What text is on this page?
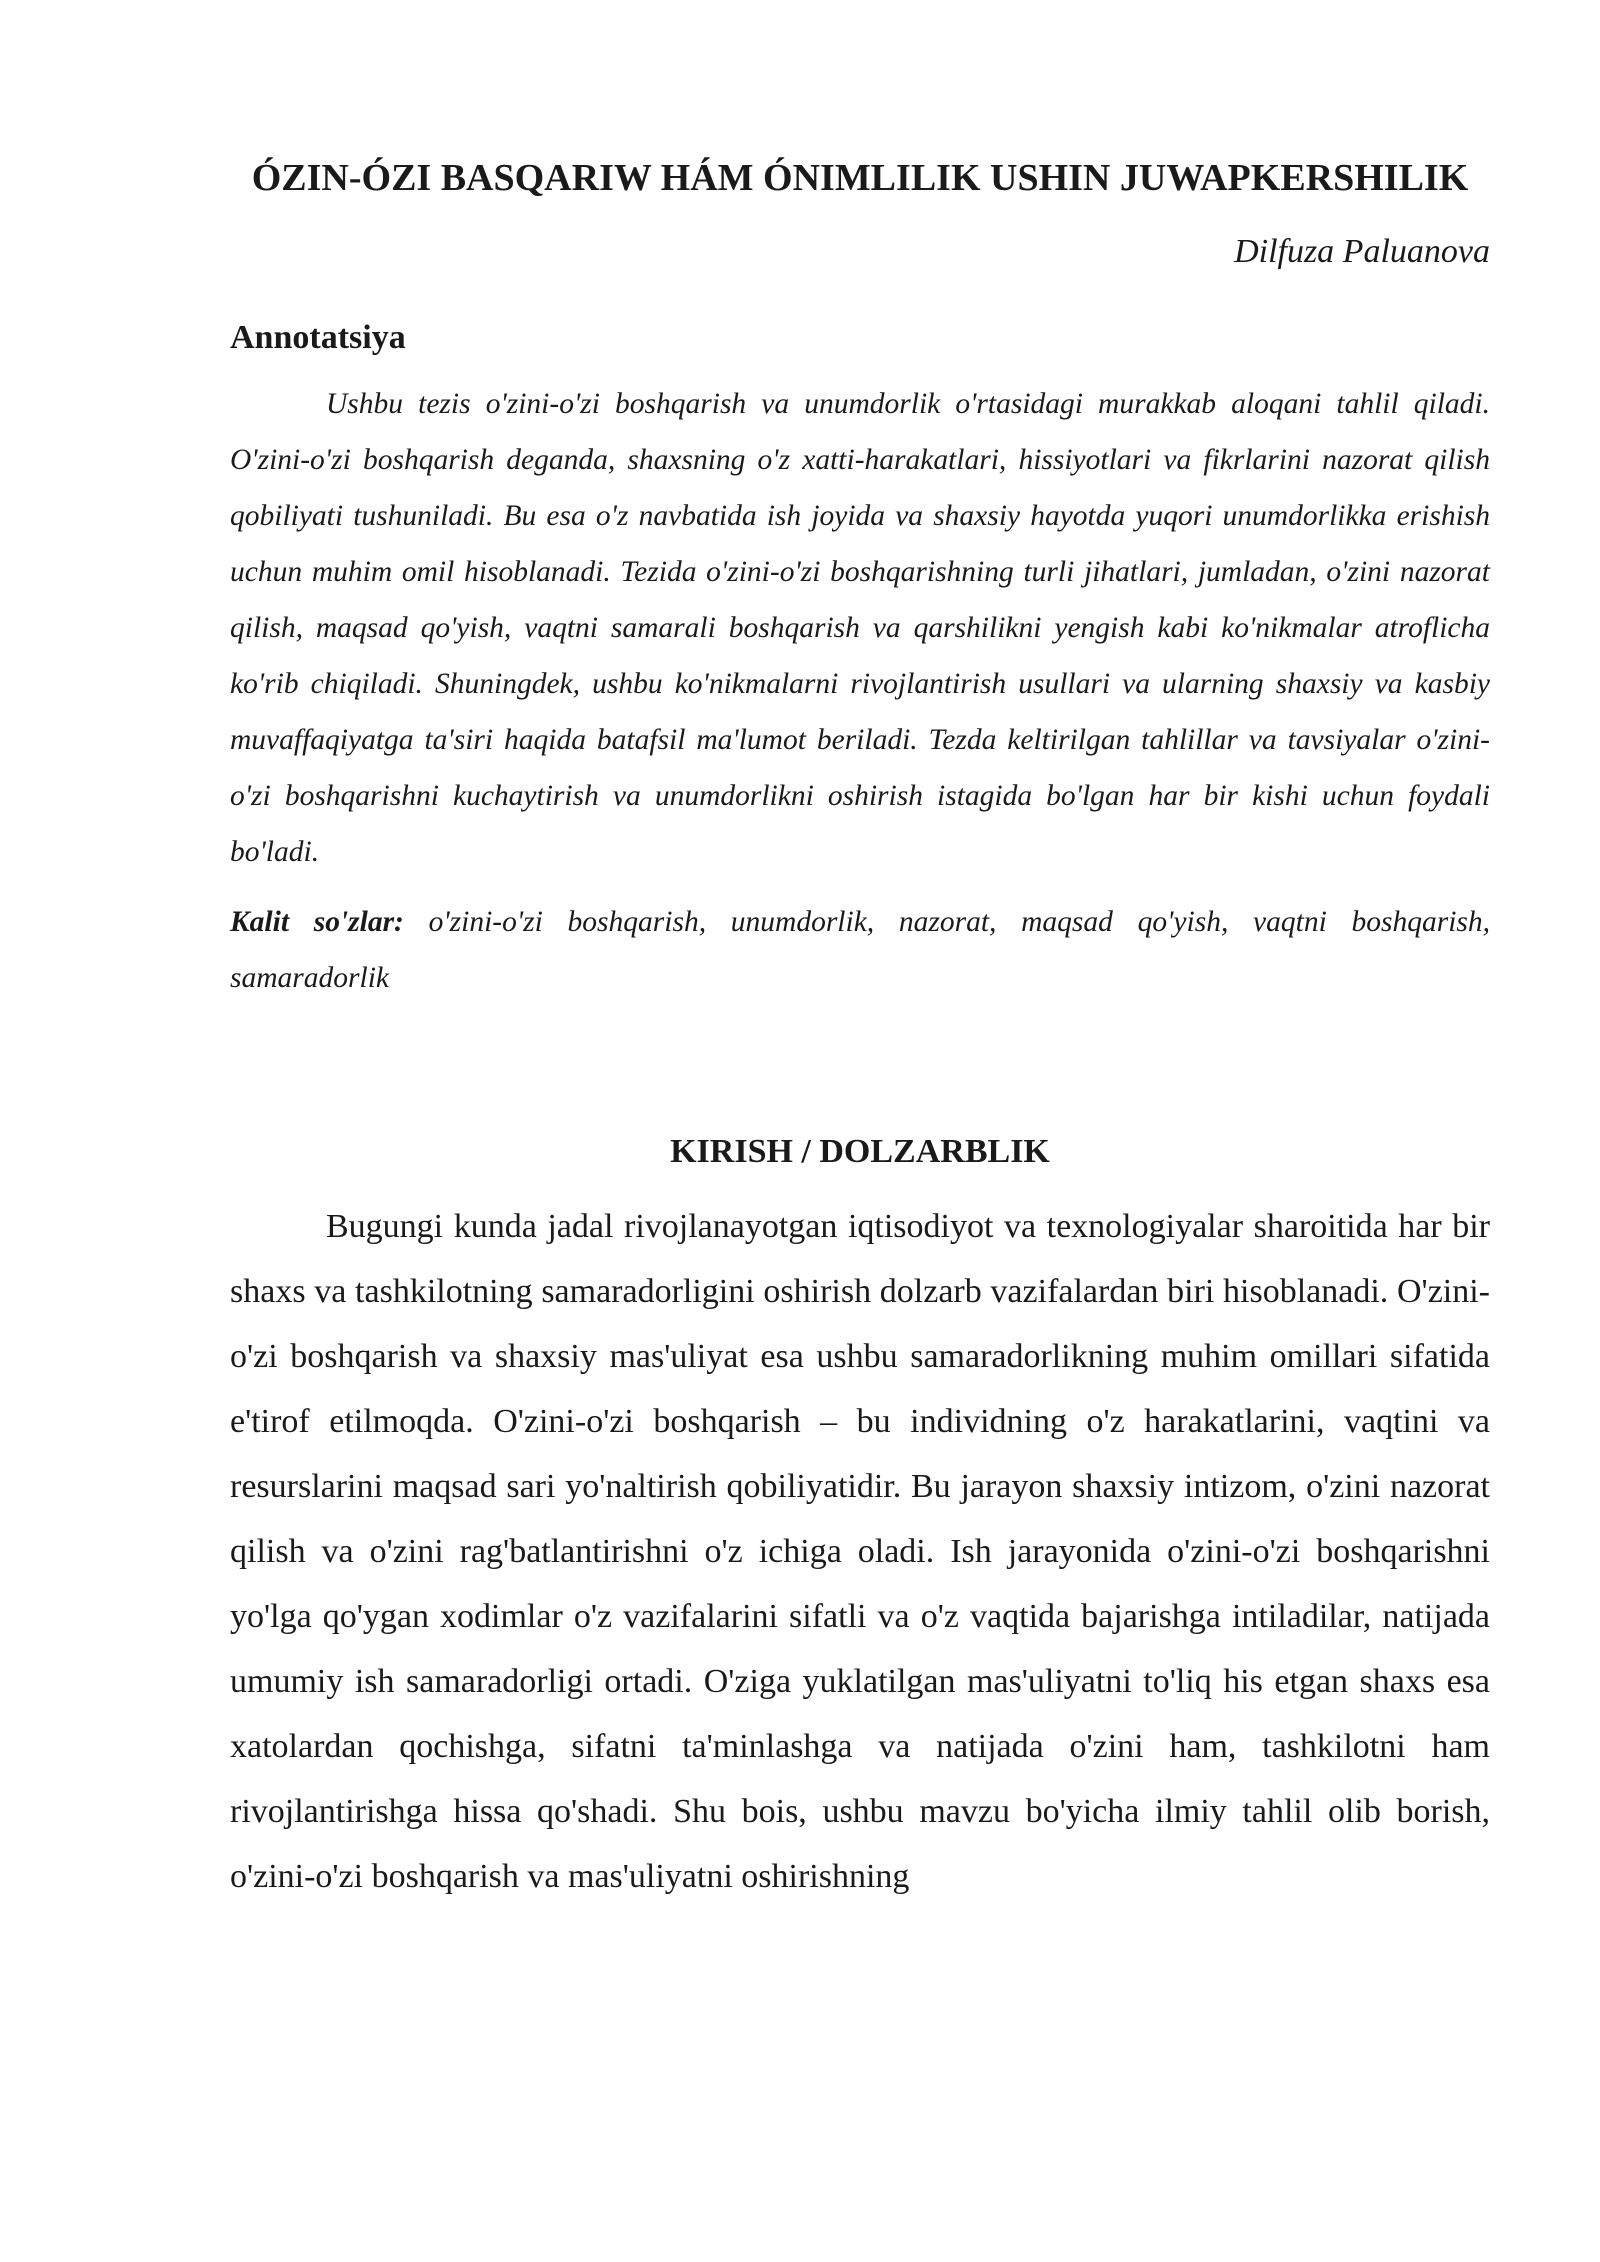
ÓZIN-ÓZI BASQARIW HÁM ÓNIMLILIK USHIN JUWAPKERSHILIK

Dilfuza Paluanova

Annotatsiya

Ushbu tezis o'zini-o'zi boshqarish va unumdorlik o'rtasidagi murakkab aloqani tahlil qiladi. O'zini-o'zi boshqarish deganda, shaxsning o'z xatti-harakatlari, hissiyotlari va fikrlarini nazorat qilish qobiliyati tushuniladi. Bu esa o'z navbatida ish joyida va shaxsiy hayotda yuqori unumdorlikka erishish uchun muhim omil hisoblanadi. Tezida o'zini-o'zi boshqarishning turli jihatlari, jumladan, o'zini nazorat qilish, maqsad qo'yish, vaqtni samarali boshqarish va qarshilikni yengish kabi ko'nikmalar atroflicha ko'rib chiqiladi. Shuningdek, ushbu ko'nikmalarni rivojlantirish usullari va ularning shaxsiy va kasbiy muvaffaqiyatga ta'siri haqida batafsil ma'lumot beriladi. Tezda keltirilgan tahlillar va tavsiyalar o'zini-o'zi boshqarishni kuchaytirish va unumdorlikni oshirish istagida bo'lgan har bir kishi uchun foydali bo'ladi.

Kalit so'zlar: o'zini-o'zi boshqarish, unumdorlik, nazorat, maqsad qo'yish, vaqtni boshqarish, samaradorlik

KIRISH / DOLZARBLIK

Bugungi kunda jadal rivojlanayotgan iqtisodiyot va texnologiyalar sharoitida har bir shaxs va tashkilotning samaradorligini oshirish dolzarb vazifalardan biri hisoblanadi. O'zini-o'zi boshqarish va shaxsiy mas'uliyat esa ushbu samaradorlikning muhim omillari sifatida e'tirof etilmoqda. O'zini-o'zi boshqarish – bu individning o'z harakatlarini, vaqtini va resurslarini maqsad sari yo'naltirish qobiliyatidir. Bu jarayon shaxsiy intizom, o'zini nazorat qilish va o'zini rag'batlantirishni o'z ichiga oladi. Ish jarayonida o'zini-o'zi boshqarishni yo'lga qo'ygan xodimlar o'z vazifalarini sifatli va o'z vaqtida bajarishga intiladilar, natijada umumiy ish samaradorligi ortadi. O'ziga yuklatilgan mas'uliyatni to'liq his etgan shaxs esa xatolardan qochishga, sifatni ta'minlashga va natijada o'zini ham, tashkilotni ham rivojlantirishga hissa qo'shadi. Shu bois, ushbu mavzu bo'yicha ilmiy tahlil olib borish, o'zini-o'zi boshqarish va mas'uliyatni oshirishning
